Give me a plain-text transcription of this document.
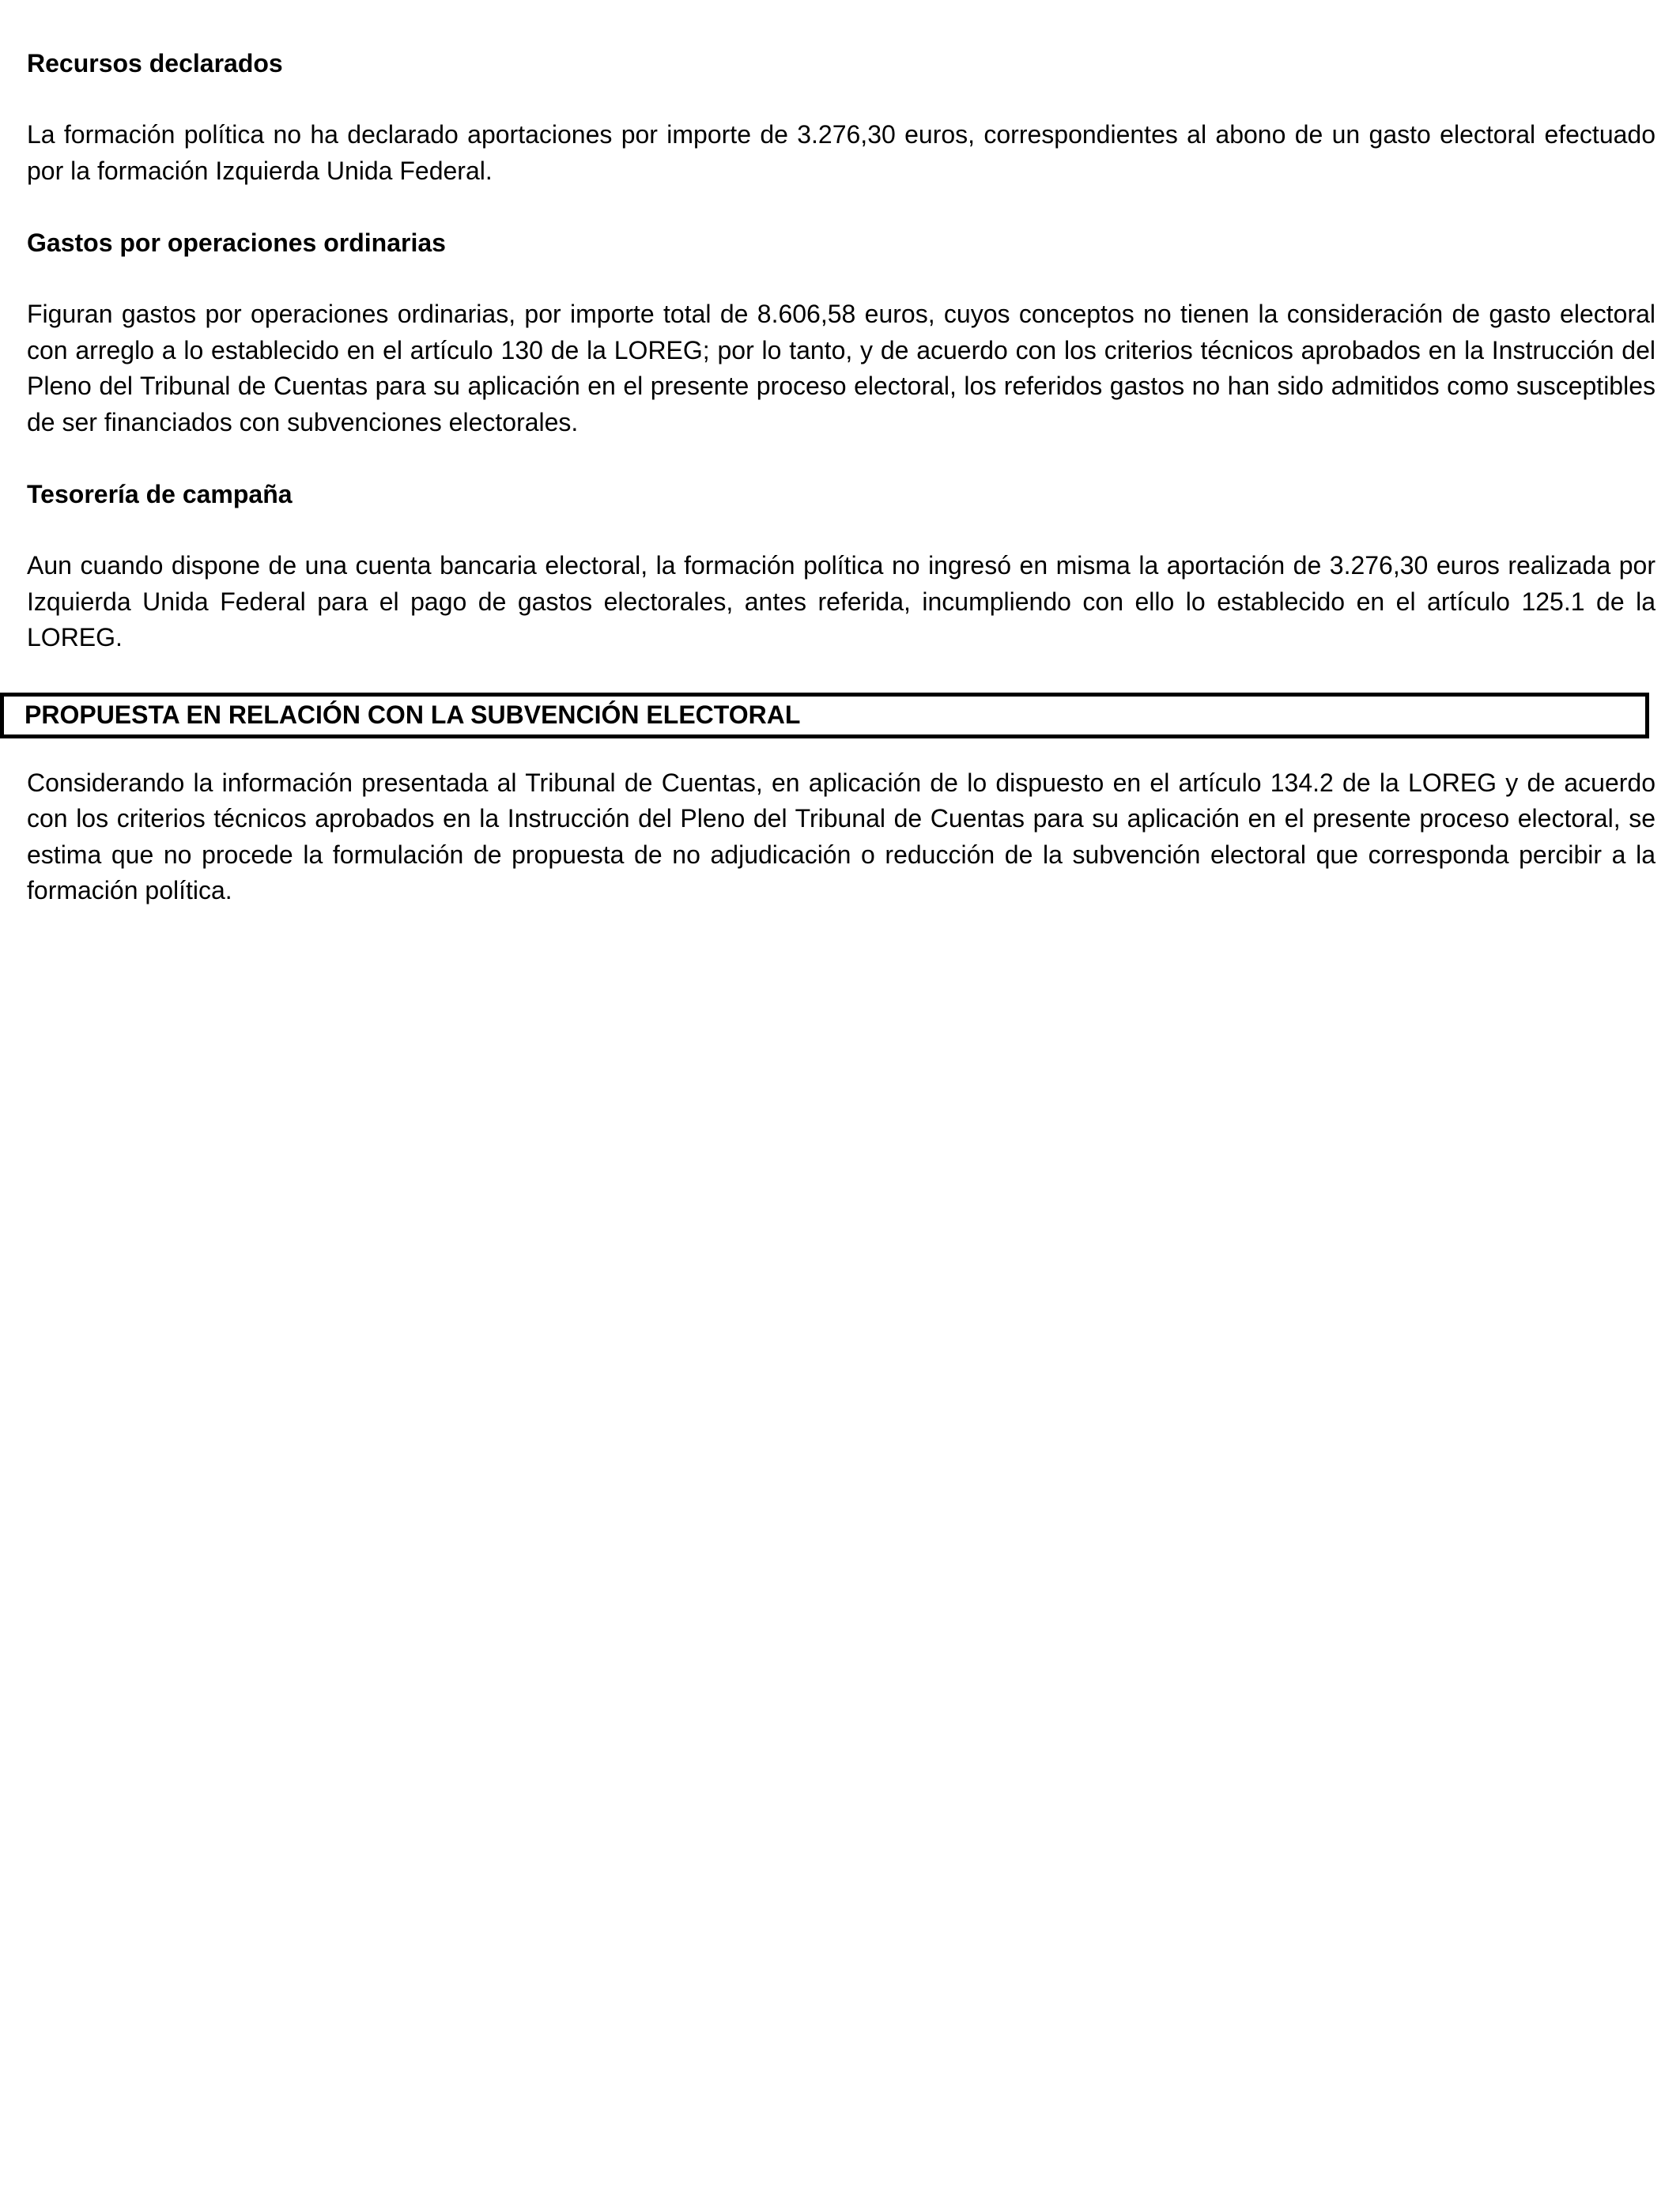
Recursos declarados

La formación política no ha declarado aportaciones por importe de 3.276,30 euros, correspondientes al abono de un gasto electoral efectuado por la formación Izquierda Unida Federal.

Gastos por operaciones ordinarias

Figuran gastos por operaciones ordinarias, por importe total de 8.606,58 euros, cuyos conceptos no tienen la consideración de gasto electoral con arreglo a lo establecido en el artículo 130 de la LOREG; por lo tanto, y de acuerdo con los criterios técnicos aprobados en la Instrucción del Pleno del Tribunal de Cuentas para su aplicación en el presente proceso electoral, los referidos gastos no han sido admitidos como susceptibles de ser financiados con subvenciones electorales.

Tesorería de campaña

Aun cuando dispone de una cuenta bancaria electoral, la formación política no ingresó en misma la aportación de 3.276,30 euros realizada por Izquierda Unida Federal para el pago de gastos electorales, antes referida, incumpliendo con ello lo establecido en el artículo 125.1 de la LOREG.

PROPUESTA EN RELACIÓN CON LA SUBVENCIÓN ELECTORAL

Considerando la información presentada al Tribunal de Cuentas, en aplicación de lo dispuesto en el artículo 134.2 de la LOREG y de acuerdo con los criterios técnicos aprobados en la Instrucción del Pleno del Tribunal de Cuentas para su aplicación en el presente proceso electoral, se estima que no procede la formulación de propuesta de no adjudicación o reducción de la subvención electoral que corresponda percibir a la formación política.
